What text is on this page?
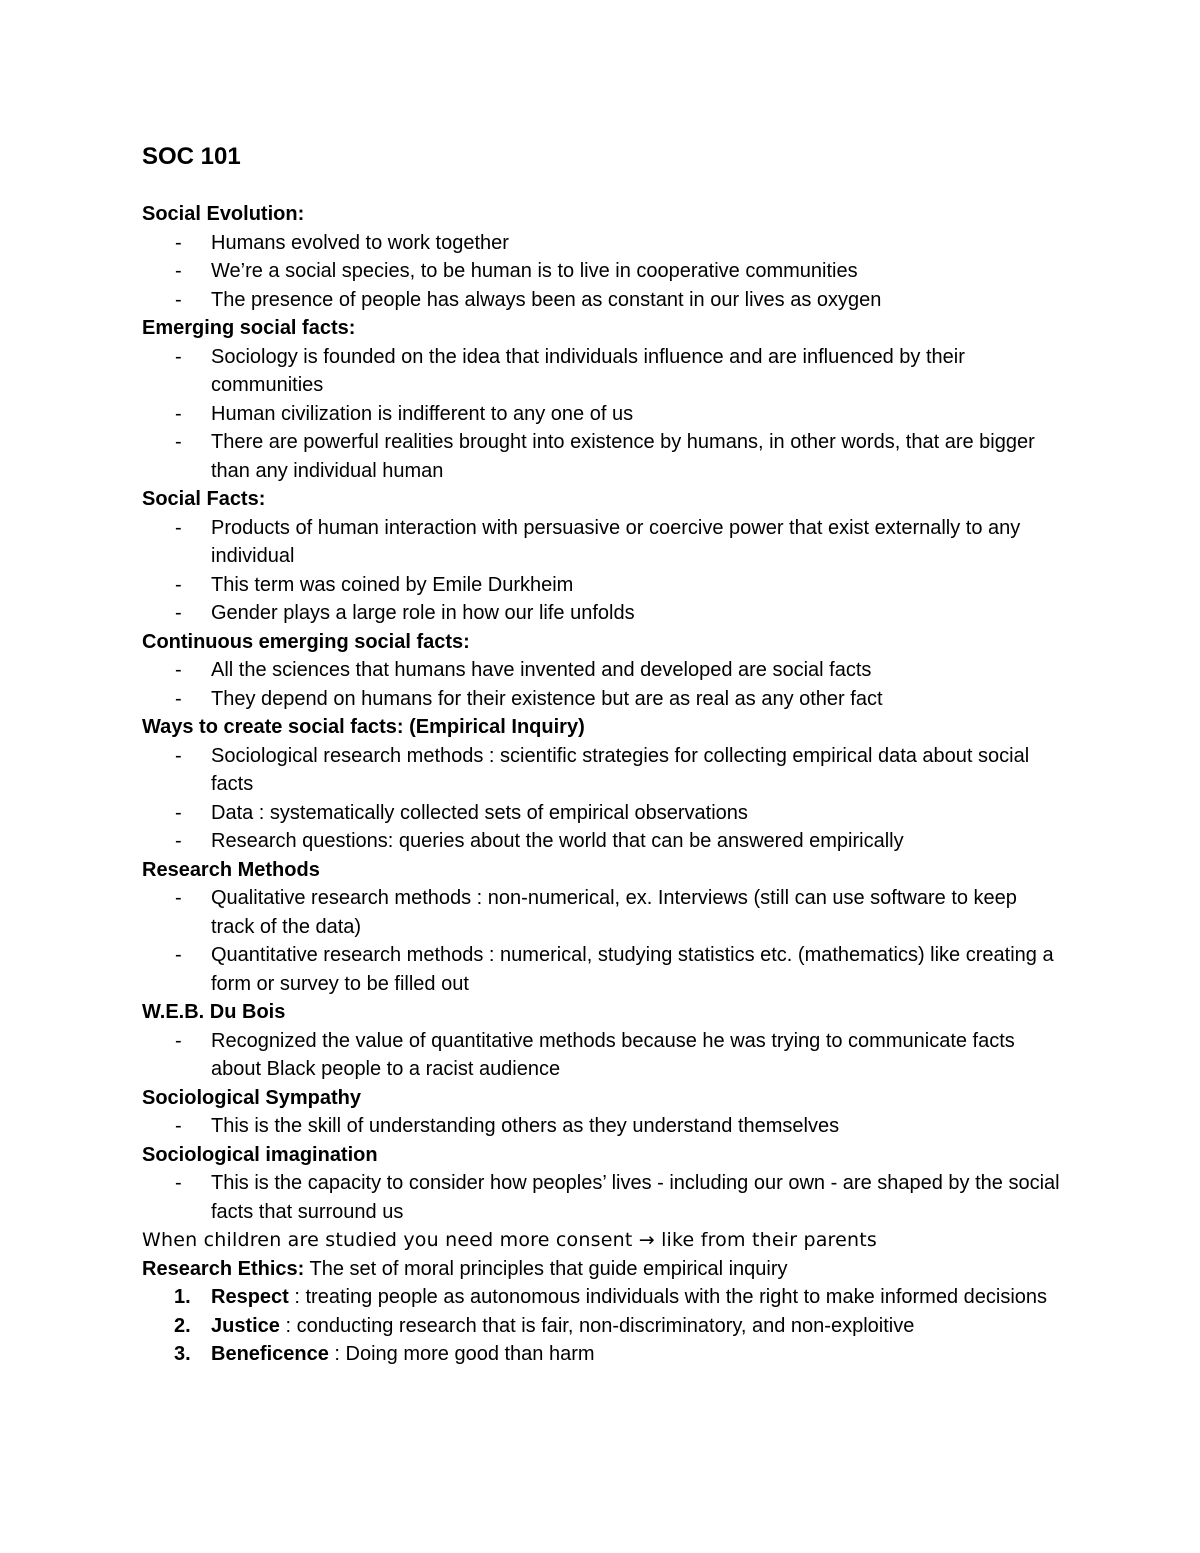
SOC 101
Social Evolution:
- Humans evolved to work together
- We’re a social species, to be human is to live in cooperative communities
- The presence of people has always been as constant in our lives as oxygen
Emerging social facts:
- Sociology is founded on the idea that individuals influence and are influenced by their communities
- Human civilization is indifferent to any one of us
- There are powerful realities brought into existence by humans, in other words, that are bigger than any individual human
Social Facts:
- Products of human interaction with persuasive or coercive power that exist externally to any individual
- This term was coined by Emile Durkheim
- Gender plays a large role in how our life unfolds
Continuous emerging social facts:
- All the sciences that humans have invented and developed are social facts
- They depend on humans for their existence but are as real as any other fact
Ways to create social facts: (Empirical Inquiry)
- Sociological research methods : scientific strategies for collecting empirical data about social facts
- Data : systematically collected sets of empirical observations
- Research questions: queries about the world that can be answered empirically
Research Methods
- Qualitative research methods : non-numerical, ex. Interviews (still can use software to keep track of the data)
- Quantitative research methods : numerical, studying statistics etc. (mathematics) like creating a form or survey to be filled out
W.E.B. Du Bois
- Recognized the value of quantitative methods because he was trying to communicate facts about Black people to a racist audience
Sociological Sympathy
- This is the skill of understanding others as they understand themselves
Sociological imagination
- This is the capacity to consider how peoples’ lives - including our own - are shaped by the social facts that surround us
When children are studied you need more consent → like from their parents
Research Ethics: The set of moral principles that guide empirical inquiry
1. Respect : treating people as autonomous individuals with the right to make informed decisions
2. Justice : conducting research that is fair, non-discriminatory, and non-exploitive
3. Beneficence : Doing more good than harm
